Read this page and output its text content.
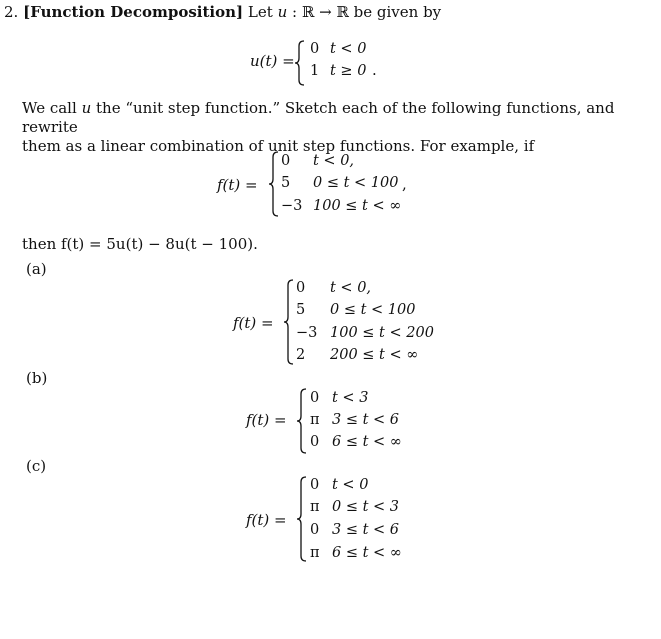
2. [Function Decomposition] Let u : ℝ → ℝ be given by
u(t) =
0 t < 0
1 t ≥ 0 .
We call u the “unit step function.” Sketch each of the following functions, and rewrite
them as a linear combination of unit step functions. For example, if
f(t) =
0 t < 0,
5 0 ≤ t < 100
−3 100 ≤ t < ∞
,
then f(t) = 5u(t) − 8u(t − 100).
(a)
f(t) =
0 t < 0,
5 0 ≤ t < 100
−3 100 ≤ t < 200
2 200 ≤ t < ∞
(b)
f(t) =
0 t < 3
π 3 ≤ t < 6
0 6 ≤ t < ∞
(c)
f(t) =
0 t < 0
π 0 ≤ t < 3
0 3 ≤ t < 6
π 6 ≤ t < ∞
